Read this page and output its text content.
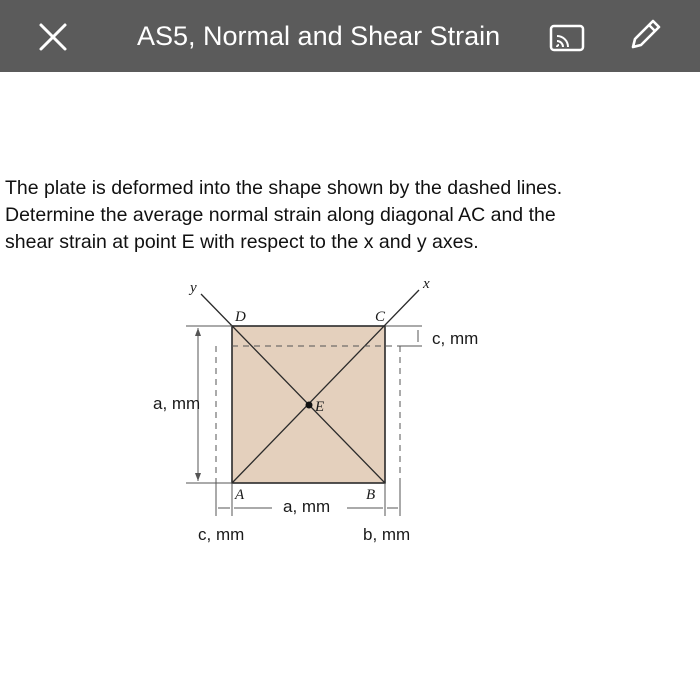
AS5, Normal and Shear Strain

The plate is deformed into the shape shown by the dashed lines.

Determine the average normal strain along diagonal AC and the

shear strain at point E with respect to the x and y axes.

D	C
A	B
E
y	x
c, mm
a, mm
a, mm
c, mm	b, mm
